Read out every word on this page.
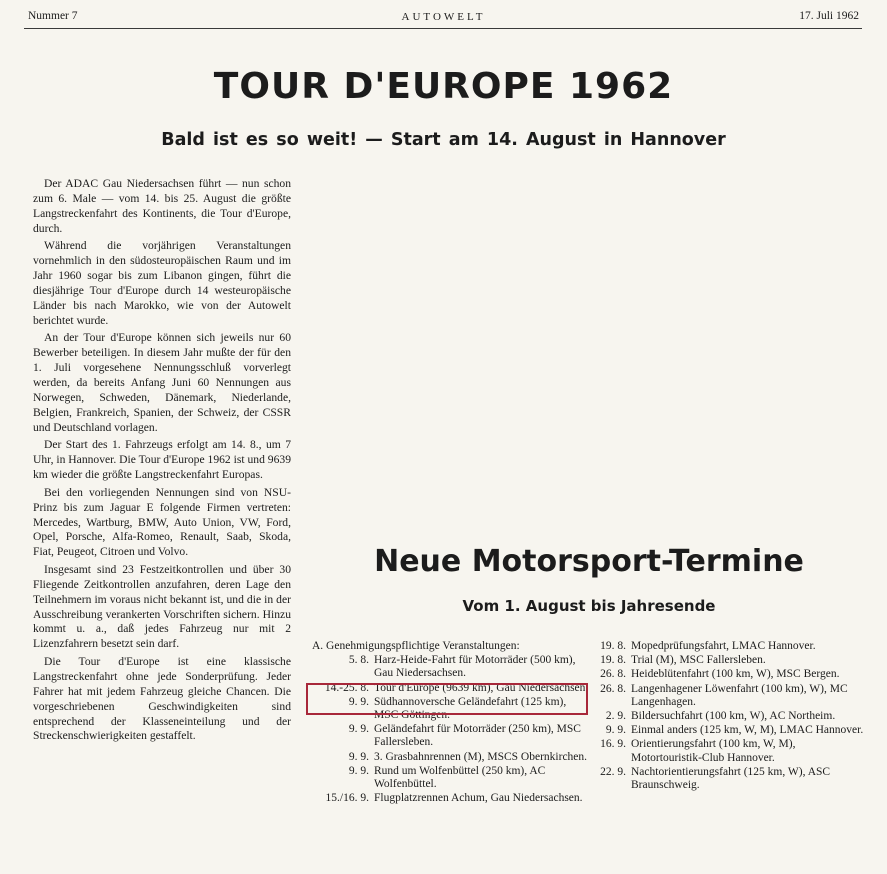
Nummer 7	AUTOWELT	17. Juli 1962
TOUR D'EUROPE 1962
Bald ist es so weit! — Start am 14. August in Hannover

Der ADAC Gau Niedersachsen führt — nun schon zum 6. Male — vom 14. bis 25. August die größte Langstreckenfahrt des Kontinents, die Tour d'Europe, durch.

Während die vorjährigen Veranstaltungen vornehmlich in den südosteuropäischen Raum und im Jahr 1960 sogar bis zum Libanon gingen, führt die diesjährige Tour d'Europe durch 14 westeuropäische Länder bis nach Marokko, wie von der Autowelt berichtet wurde.

An der Tour d'Europe können sich jeweils nur 60 Bewerber beteiligen. In diesem Jahr mußte der für den 1. Juli vorgesehene Nennungsschluß vorverlegt werden, da bereits Anfang Juni 60 Nennungen aus Norwegen, Schweden, Dänemark, Niederlande, Belgien, Frankreich, Spanien, der Schweiz, der CSSR und Deutschland vorlagen.

Der Start des 1. Fahrzeugs erfolgt am 14. 8., um 7 Uhr, in Hannover. Die Tour d'Europe 1962 ist und 9639 km wieder die größte Langstreckenfahrt Europas.

Bei den vorliegenden Nennungen sind von NSU-Prinz bis zum Jaguar E folgende Firmen vertreten: Mercedes, Wartburg, BMW, Auto Union, VW, Ford, Opel, Porsche, Alfa-Romeo, Renault, Saab, Skoda, Fiat, Peugeot, Citroen und Volvo.

Insgesamt sind 23 Festzeitkontrollen und über 30 Fliegende Zeitkontrollen anzufahren, deren Lage den Teilnehmern im voraus nicht bekannt ist, und die in der Ausschreibung verankerten Vorschriften sichern. Hinzu kommt u. a., daß jedes Fahrzeug nur mit 2 Lizenzfahrern besetzt sein darf.

Die Tour d'Europe ist eine klassische Langstreckenfahrt ohne jede Sonderprüfung. Jeder Fahrer hat mit jedem Fahrzeug gleiche Chancen. Die vorgeschriebenen Geschwindigkeiten sind entsprechend der Klasseneinteilung und der Streckenschwierigkeiten gestaffelt.

Neue Motorsport-Termine
Vom 1. August bis Jahresende
A. Genehmigungspflichtige Veranstaltungen:
5. 8. Harz-Heide-Fahrt für Motorräder (500 km), Gau Niedersachsen.
14.-25. 8. Tour d'Europe (9639 km), Gau Niedersachsen.
9. 9. Südhannoversche Geländefahrt (125 km), MSC Göttingen.
9. 9. Geländefahrt für Motorräder (250 km), MSC Fallersleben.
9. 9. 3. Grasbahnrennen (M), MSCS Obernkirchen.
9. 9. Rund um Wolfenbüttel (250 km), AC Wolfenbüttel.
15./16. 9. Flugplatzrennen Achum, Gau Niedersachsen.
19. 8. Mopedprüfungsfahrt, LMAC Hannover.
19. 8. Trial (M), MSC Fallersleben.
26. 8. Heideblütenfahrt (100 km, W), MSC Bergen.
26. 8. Langenhagener Löwenfahrt (100 km), W), MC Langenhagen.
2. 9. Bildersuchfahrt (100 km, W), AC Northeim.
9. 9. Einmal anders (125 km, W, M), LMAC Hannover.
16. 9. Orientierungsfahrt (100 km, W, M), Motortouristik-Club Hannover.
22. 9. Nachtorientierungsfahrt (125 km, W), ASC Braunschweig.
